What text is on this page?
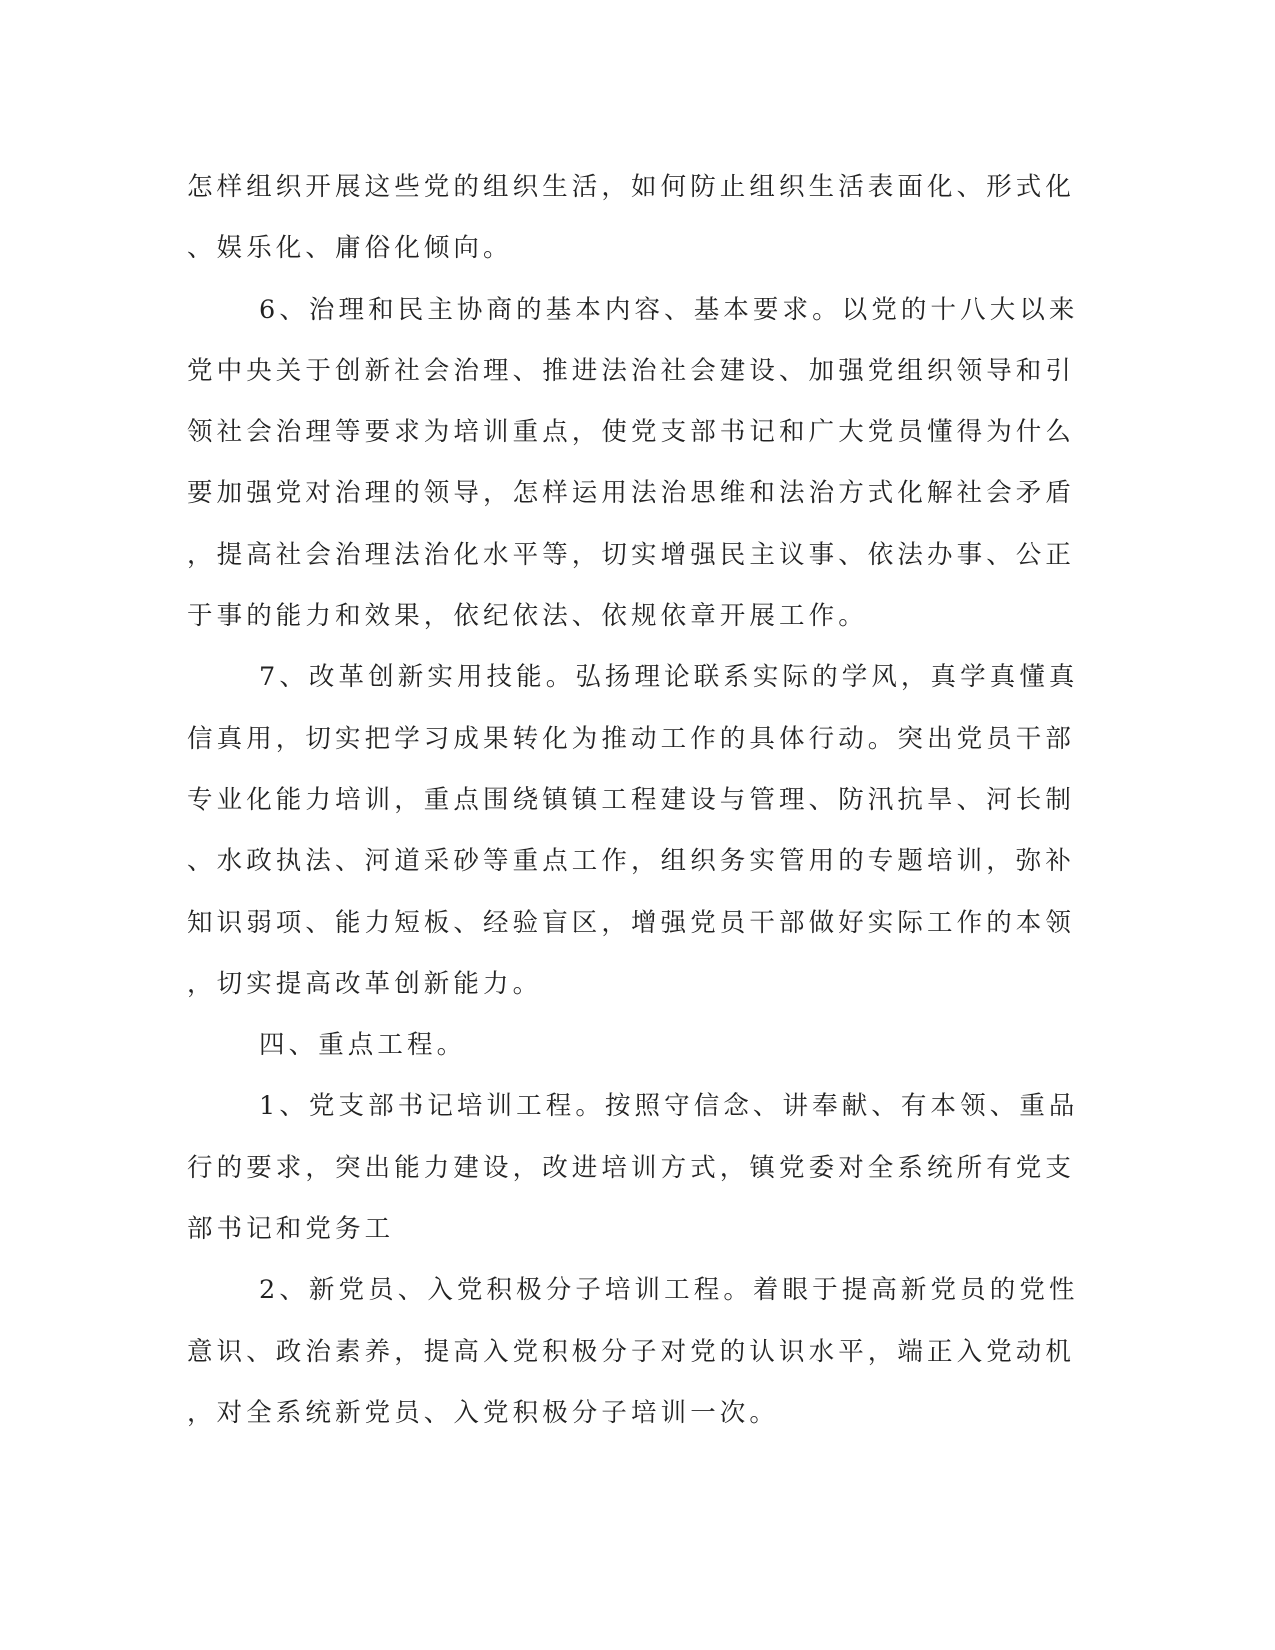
怎样组织开展这些党的组织生活，如何防止组织生活表面化、形式化
、娱乐化、庸俗化倾向。
6、治理和民主协商的基本内容、基本要求。以党的十八大以来
党中央关于创新社会治理、推进法治社会建设、加强党组织领导和引
领社会治理等要求为培训重点，使党支部书记和广大党员懂得为什么
要加强党对治理的领导，怎样运用法治思维和法治方式化解社会矛盾
，提高社会治理法治化水平等，切实增强民主议事、依法办事、公正
于事的能力和效果，依纪依法、依规依章开展工作。
7、改革创新实用技能。弘扬理论联系实际的学风，真学真懂真
信真用，切实把学习成果转化为推动工作的具体行动。突出党员干部
专业化能力培训，重点围绕镇镇工程建设与管理、防汛抗旱、河长制
、水政执法、河道采砂等重点工作，组织务实管用的专题培训，弥补
知识弱项、能力短板、经验盲区，增强党员干部做好实际工作的本领
，切实提高改革创新能力。
四、重点工程。
1、党支部书记培训工程。按照守信念、讲奉献、有本领、重品
行的要求，突出能力建设，改进培训方式，镇党委对全系统所有党支
部书记和党务工
2、新党员、入党积极分子培训工程。着眼于提高新党员的党性
意识、政治素养，提高入党积极分子对党的认识水平，端正入党动机
，对全系统新党员、入党积极分子培训一次。
